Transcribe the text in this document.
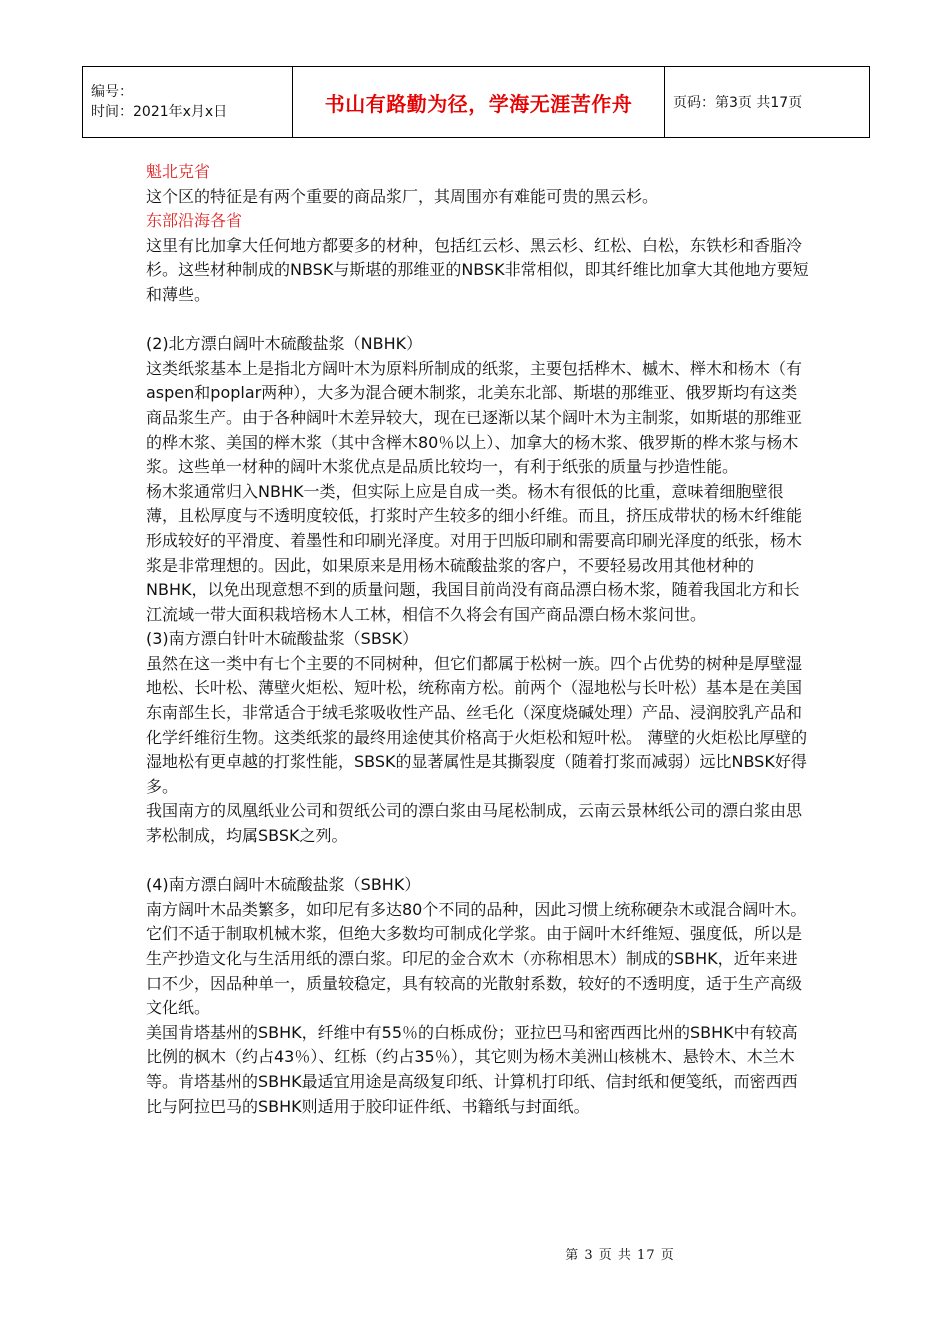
编号：
时间：2021年x月x日	书山有路勤为径，学海无涯苦作舟	页码：第3页 共17页

魁北克省

这个区的特征是有两个重要的商品浆厂，其周围亦有难能可贵的黑云杉。

东部沿海各省

这里有比加拿大任何地方都要多的材种，包括红云杉、黑云杉、红松、白松，东铁杉和香脂冷杉。这些材种制成的NBSK与斯堪的那维亚的NBSK非常相似，即其纤维比加拿大其他地方要短和薄些。

(2)北方漂白阔叶木硫酸盐浆（NBHK）

这类纸浆基本上是指北方阔叶木为原料所制成的纸浆，主要包括桦木、槭木、榉木和杨木（有aspen和poplar两种），大多为混合硬木制浆，北美东北部、斯堪的那维亚、俄罗斯均有这类商品浆生产。由于各种阔叶木差异较大，现在已逐渐以某个阔叶木为主制浆，如斯堪的那维亚的桦木浆、美国的榉木浆（其中含榉木80％以上）、加拿大的杨木浆、俄罗斯的桦木浆与杨木浆。这些单一材种的阔叶木浆优点是品质比较均一，有利于纸张的质量与抄造性能。

杨木浆通常归入NBHK一类，但实际上应是自成一类。杨木有很低的比重，意味着细胞壁很薄，且松厚度与不透明度较低，打浆时产生较多的细小纤维。而且，挤压成带状的杨木纤维能形成较好的平滑度、着墨性和印刷光泽度。对用于凹版印刷和需要高印刷光泽度的纸张，杨木浆是非常理想的。因此，如果原来是用杨木硫酸盐浆的客户，不要轻易改用其他材种的NBHK，以免出现意想不到的质量问题，我国目前尚没有商品漂白杨木浆，随着我国北方和长江流域一带大面积栽培杨木人工林，相信不久将会有国产商品漂白杨木浆问世。

(3)南方漂白针叶木硫酸盐浆（SBSK）

虽然在这一类中有七个主要的不同树种，但它们都属于松树一族。四个占优势的树种是厚壁湿地松、长叶松、薄壁火炬松、短叶松，统称南方松。前两个（湿地松与长叶松）基本是在美国东南部生长，非常适合于绒毛浆吸收性产品、丝毛化（深度烧碱处理）产品、浸润胶乳产品和化学纤维衍生物。这类纸浆的最终用途使其价格高于火炬松和短叶松。 薄壁的火炬松比厚壁的湿地松有更卓越的打浆性能，SBSK的显著属性是其撕裂度（随着打浆而减弱）远比NBSK好得多。

我国南方的凤凰纸业公司和贺纸公司的漂白浆由马尾松制成，云南云景林纸公司的漂白浆由思茅松制成，均属SBSK之列。

(4)南方漂白阔叶木硫酸盐浆（SBHK）

南方阔叶木品类繁多，如印尼有多达80个不同的品种，因此习惯上统称硬杂木或混合阔叶木。它们不适于制取机械木浆，但绝大多数均可制成化学浆。由于阔叶木纤维短、强度低，所以是生产抄造文化与生活用纸的漂白浆。印尼的金合欢木（亦称相思木）制成的SBHK，近年来进口不少，因品种单一，质量较稳定，具有较高的光散射系数，较好的不透明度，适于生产高级文化纸。

美国肯塔基州的SBHK，纤维中有55％的白栎成份；亚拉巴马和密西西比州的SBHK中有较高比例的枫木（约占43％）、红栎（约占35％），其它则为杨木美洲山核桃木、悬铃木、木兰木等。肯塔基州的SBHK最适宜用途是高级复印纸、计算机打印纸、信封纸和便笺纸，而密西西比与阿拉巴马的SBHK则适用于胶印证件纸、书籍纸与封面纸。

第 3 页 共 17 页
